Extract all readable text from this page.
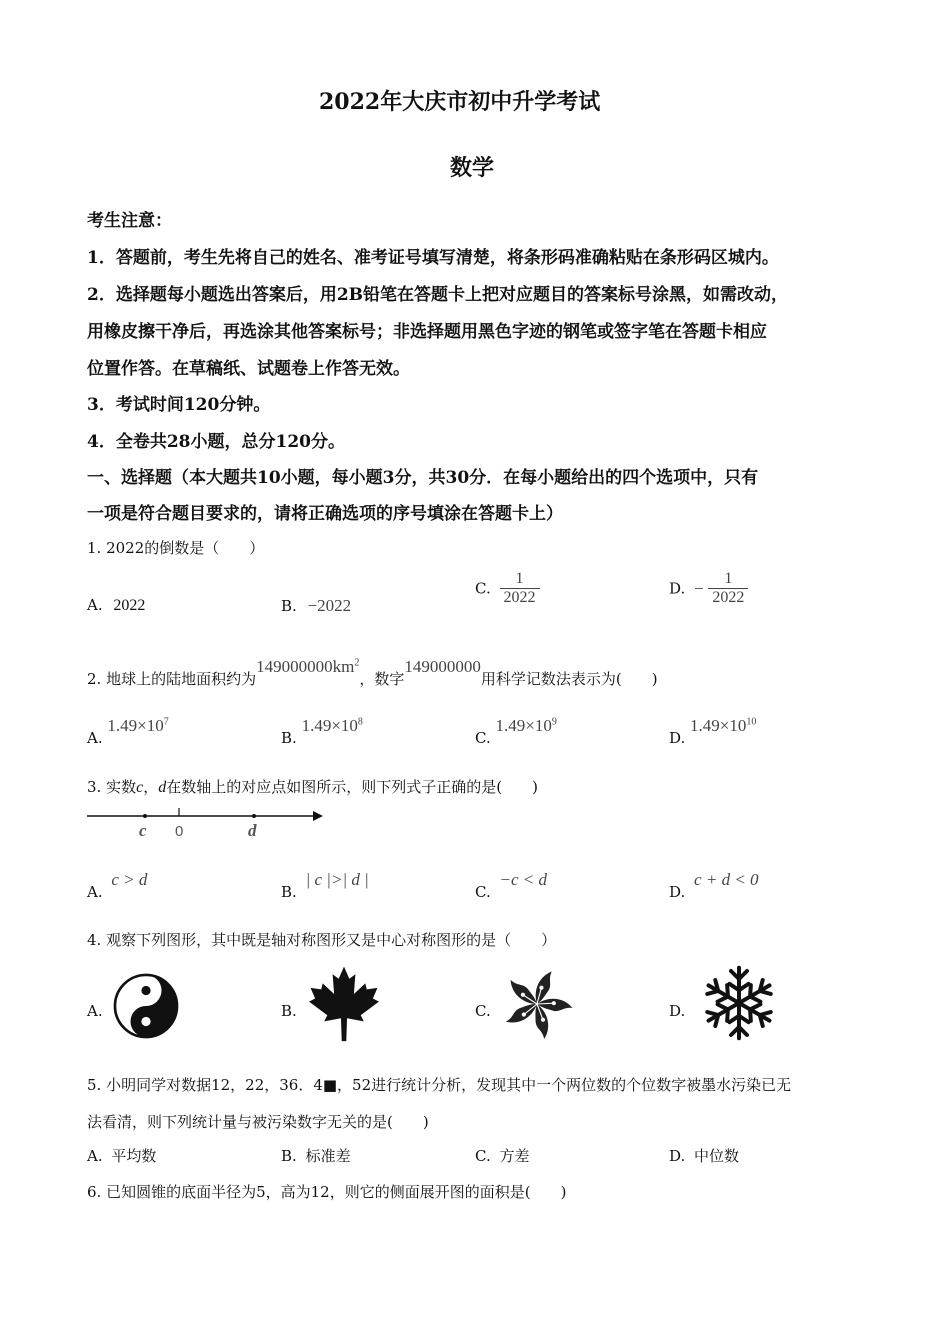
2022年大庆市初中升学考试
数学
考生注意：
1．答题前，考生先将自己的姓名、准考证号填写清楚，将条形码准确粘贴在条形码区城内。
2．选择题每小题选出答案后，用2B铅笔在答题卡上把对应题目的答案标号涂黑，如需改动，
用橡皮擦干净后，再选涂其他答案标号；非选择题用黑色字迹的钢笔或签字笔在答题卡相应
位置作答。在草稿纸、试题卷上作答无效。
3．考试时间120分钟。
4．全卷共28小题，总分120分。
一、选择题（本大题共10小题，每小题3分，共30分．在每小题给出的四个选项中，只有
一项是符合题目要求的，请将正确选项的序号填涂在答题卡上）
1. 2022的倒数是（　　）
A. 2022	B. −2022
C. $\frac{1}{2022}$	D. − $\frac{1}{2022}$
2. 地球上的陆地面积约为$149000000km^2$，数字149000000用科学记数法表示为(　　)
A. $1.49\times 10^7$
B. $1.49\times 10^8$
C. $1.49\times 10^9$
D. $1.49\times 10^{10}$
3. 实数c，d在数轴上的对应点如图所示，则下列式子正确的是(　　)
c 0	d
A. c > d
B. | c |>| d |
C. −c < d
D. c + d < 0
4. 观察下列图形，其中既是轴对称图形又是中心对称图形的是（　　）
A.	B.	C.	D.
5. 小明同学对数据12，22，36．4■，52进行统计分析，发现其中一个两位数的个位数字被墨水污染已无
法看清，则下列统计量与被污染数字无关的是(　　)
A. 平均数	B. 标准差	C. 方差	D. 中位数
6. 已知圆锥的底面半径为5，高为12，则它的侧面展开图的面积是(　　)
